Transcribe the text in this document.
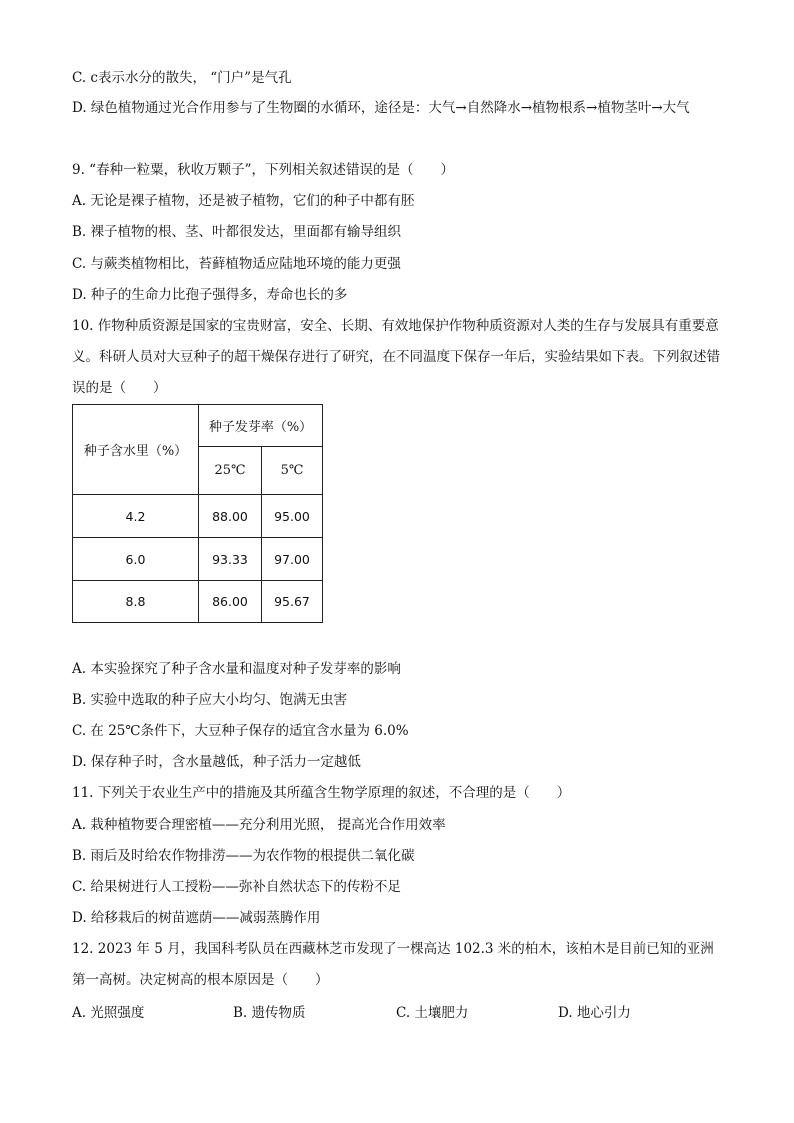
C. c表示水分的散失， “门户”是气孔
D. 绿色植物通过光合作用参与了生物圈的水循环，途径是：大气→自然降水→植物根系→植物茎叶→大气
9. “春种一粒粟，秋收万颗子”，下列相关叙述错误的是（　　）
A. 无论是裸子植物，还是被子植物，它们的种子中都有胚
B. 裸子植物的根、茎、叶都很发达，里面都有输导组织
C. 与蕨类植物相比，苔藓植物适应陆地环境的能力更强
D. 种子的生命力比孢子强得多，寿命也长的多
10. 作物种质资源是国家的宝贵财富，安全、长期、有效地保护作物种质资源对人类的生存与发展具有重要意义。科研人员对大豆种子的超干燥保存进行了研究，在不同温度下保存一年后，实验结果如下表。下列叙述错误的是（　　）
种子含水里（%）	种子发芽率（%）	
	25℃	5℃
4.2	88.00	95.00
6.0	93.33	97.00
8.8	86.00	95.67
A. 本实验探究了种子含水量和温度对种子发芽率的影响
B. 实验中选取的种子应大小均匀、饱满无虫害
C. 在 25℃条件下，大豆种子保存的适宜含水量为 6.0%
D. 保存种子时，含水量越低，种子活力一定越低
11. 下列关于农业生产中的措施及其所蕴含生物学原理的叙述，不合理的是（　　）
A. 栽种植物要合理密植——充分利用光照， 提高光合作用效率
B. 雨后及时给农作物排涝——为农作物的根提供二氧化碳
C. 给果树进行人工授粉——弥补自然状态下的传粉不足
D. 给移栽后的树苗遮荫——减弱蒸腾作用
12. 2023 年 5 月，我国科考队员在西藏林芝市发现了一棵高达 102.3 米的柏木，该柏木是目前已知的亚洲第一高树。决定树高的根本原因是（　　）
A. 光照强度	B. 遗传物质	C. 土壤肥力	D. 地心引力
